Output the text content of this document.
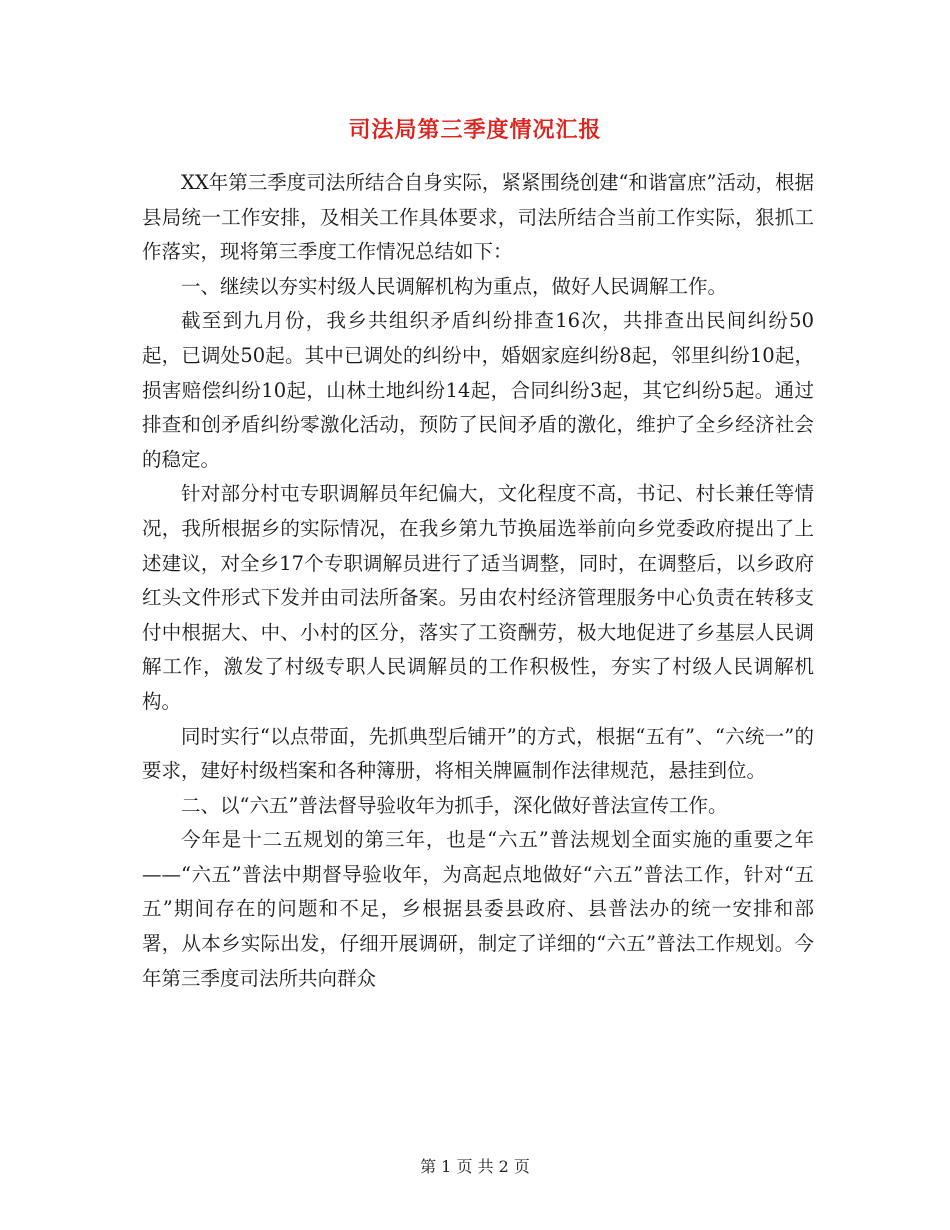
司法局第三季度情况汇报

XX年第三季度司法所结合自身实际，紧紧围绕创建“和谐富庶”活动，根据县局统一工作安排，及相关工作具体要求，司法所结合当前工作实际，狠抓工作落实，现将第三季度工作情况总结如下：

一、继续以夯实村级人民调解机构为重点，做好人民调解工作。

截至到九月份，我乡共组织矛盾纠纷排查16次，共排查出民间纠纷50起，已调处50起。其中已调处的纠纷中，婚姻家庭纠纷8起，邻里纠纷10起，损害赔偿纠纷10起，山林土地纠纷14起，合同纠纷3起，其它纠纷5起。通过排查和创矛盾纠纷零激化活动，预防了民间矛盾的激化，维护了全乡经济社会的稳定。

针对部分村屯专职调解员年纪偏大，文化程度不高，书记、村长兼任等情况，我所根据乡的实际情况，在我乡第九节换届选举前向乡党委政府提出了上述建议，对全乡17个专职调解员进行了适当调整，同时，在调整后，以乡政府红头文件形式下发并由司法所备案。另由农村经济管理服务中心负责在转移支付中根据大、中、小村的区分，落实了工资酬劳，极大地促进了乡基层人民调解工作，激发了村级专职人民调解员的工作积极性，夯实了村级人民调解机构。

同时实行“以点带面，先抓典型后铺开”的方式，根据“五有”、“六统一”的要求，建好村级档案和各种簿册，将相关牌匾制作法律规范，悬挂到位。

二、以“六五”普法督导验收年为抓手，深化做好普法宣传工作。

今年是十二五规划的第三年，也是“六五”普法规划全面实施的重要之年——“六五”普法中期督导验收年，为高起点地做好“六五”普法工作，针对“五五”期间存在的问题和不足，乡根据县委县政府、县普法办的统一安排和部署，从本乡实际出发，仔细开展调研，制定了详细的“六五”普法工作规划。今年第三季度司法所共向群众

第 1 页 共 2 页
